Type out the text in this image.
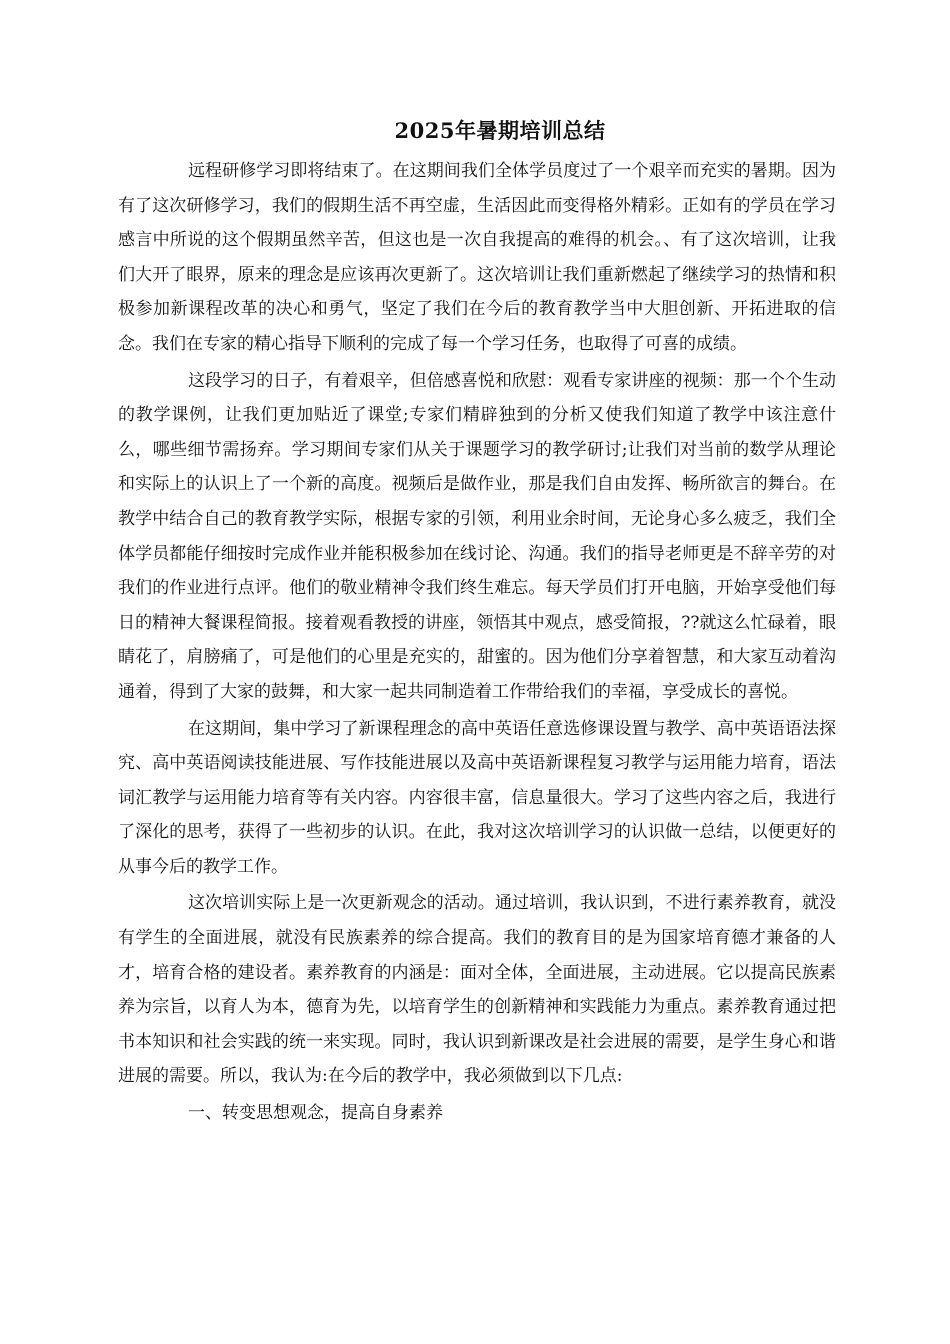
2025年暑期培训总结

远程研修学习即将结束了。在这期间我们全体学员度过了一个艰辛而充实的暑期。因为有了这次研修学习，我们的假期生活不再空虚，生活因此而变得格外精彩。正如有的学员在学习感言中所说的这个假期虽然辛苦，但这也是一次自我提高的难得的机会。、有了这次培训，让我们大开了眼界，原来的理念是应该再次更新了。这次培训让我们重新燃起了继续学习的热情和积极参加新课程改革的决心和勇气，坚定了我们在今后的教育教学当中大胆创新、开拓进取的信念。我们在专家的精心指导下顺利的完成了每一个学习任务，也取得了可喜的成绩。

这段学习的日子，有着艰辛，但倍感喜悦和欣慰：观看专家讲座的视频：那一个个生动的教学课例，让我们更加贴近了课堂;专家们精辟独到的分析又使我们知道了教学中该注意什么，哪些细节需扬弃。学习期间专家们从关于课题学习的教学研讨;让我们对当前的数学从理论和实际上的认识上了一个新的高度。视频后是做作业，那是我们自由发挥、畅所欲言的舞台。在教学中结合自己的教育教学实际，根据专家的引领，利用业余时间，无论身心多么疲乏，我们全体学员都能仔细按时完成作业并能积极参加在线讨论、沟通。我们的指导老师更是不辞辛劳的对我们的作业进行点评。他们的敬业精神令我们终生难忘。每天学员们打开电脑，开始享受他们每日的精神大餐课程简报。接着观看教授的讲座，领悟其中观点，感受简报，??就这么忙碌着，眼睛花了，肩膀痛了，可是他们的心里是充实的，甜蜜的。因为他们分享着智慧，和大家互动着沟通着，得到了大家的鼓舞，和大家一起共同制造着工作带给我们的幸福，享受成长的喜悦。

在这期间，集中学习了新课程理念的高中英语任意选修课设置与教学、高中英语语法探究、高中英语阅读技能进展、写作技能进展以及高中英语新课程复习教学与运用能力培育，语法词汇教学与运用能力培育等有关内容。内容很丰富，信息量很大。学习了这些内容之后，我进行了深化的思考，获得了一些初步的认识。在此，我对这次培训学习的认识做一总结，以便更好的从事今后的教学工作。

这次培训实际上是一次更新观念的活动。通过培训，我认识到，不进行素养教育，就没有学生的全面进展，就没有民族素养的综合提高。我们的教育目的是为国家培育德才兼备的人才，培育合格的建设者。素养教育的内涵是：面对全体，全面进展，主动进展。它以提高民族素养为宗旨，以育人为本，德育为先，以培育学生的创新精神和实践能力为重点。素养教育通过把书本知识和社会实践的统一来实现。同时，我认识到新课改是社会进展的需要，是学生身心和谐进展的需要。所以，我认为:在今后的教学中，我必须做到以下几点:

一、转变思想观念，提高自身素养
